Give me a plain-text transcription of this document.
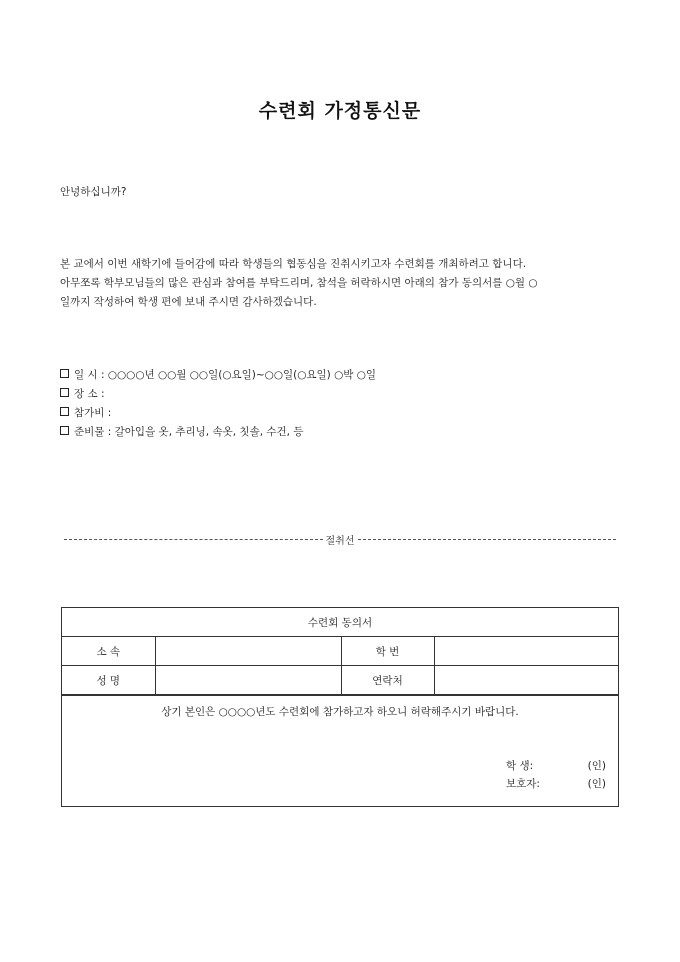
수련회 가정통신문
안녕하십니까?
본 교에서 이번 새학기에 들어감에 따라 학생들의 협동심을 진취시키고자 수련회를 개최하려고 합니다.
아무쪼록 학부모님들의 많은 관심과 참여를 부탁드리며, 참석을 허락하시면 아래의 참가 동의서를 ○월 ○
일까지 작성하여 학생 편에 보내 주시면 감사하겠습니다.
일 시 : ○○○○년 ○○월 ○○일(○요일)~○○일(○요일) ○박 ○일
장 소 :
참가비 :
준비물 : 갈아입을 옷, 추리닝, 속옷, 칫솔, 수건, 등
절취선
수련회 동의서			
소 속		학 번	
성 명		연락처	
상기 본인은 ○○○○년도 수련회에 참가하고자 하오니 허락해주시기 바랍니다.
학 생:	(인)
보호자:	(인)
